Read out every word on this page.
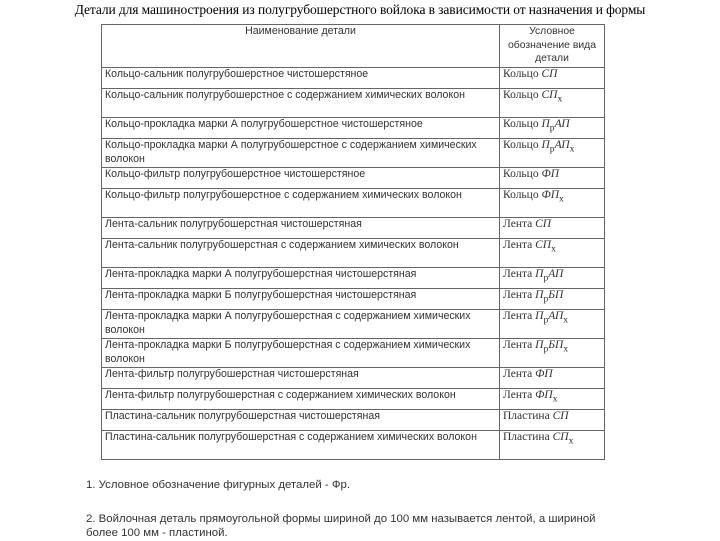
Детали для машиностроения из полугрубошерстного войлока в зависимости от назначения и формы
Наименование детали	Условное обозначение вида детали
Кольцо-сальник полугрубошерстное чистошерстяное	Кольцо СП
Кольцо-сальник полугрубошерстное с содержанием химических волокон	Кольцо $СП_х$
Кольцо-прокладка марки А полугрубошерстное чистошерстяное	Кольцо $П_рАП$
Кольцо-прокладка марки А полугрубошерстное с содержанием химических волокон	Кольцо $П_рАП_х$
Кольцо-фильтр полугрубошерстное чистошерстяное	Кольцо ФП
Кольцо-фильтр полугрубошерстное с содержанием химических волокон	Кольцо $ФП_х$
Лента-сальник полугрубошерстная чистошерстяная	Лента СП
Лента-сальник полугрубошерстная с содержанием химических волокон	Лента $СП_х$
Лента-прокладка марки А полугрубошерстная чистошерстяная	Лента $П_рАП$
Лента-прокладка марки Б полугрубошерстная чистошерстяная	Лента $П_рБП$
Лента-прокладка марки А полугрубошерстная с содержанием химических волокон	Лента $П_рАП_х$
Лента-прокладка марки Б полугрубошерстная с содержанием химических волокон	Лента $П_рБП_х$
Лента-фильтр полугрубошерстная чистошерстяная	Лента ФП
Лента-фильтр полугрубошерстная с содержанием химических волокон	Лента $ФП_х$
Пластина-сальник полугрубошерстная чистошерстяная	Пластина СП
Пластина-сальник полугрубошерстная с содержанием химических волокон	Пластина $СП_х$

1. Условное обозначение фигурных деталей - Фр.

2. Войлочная деталь прямоугольной формы шириной до 100 мм называется лентой, а шириной более 100 мм - пластиной.
